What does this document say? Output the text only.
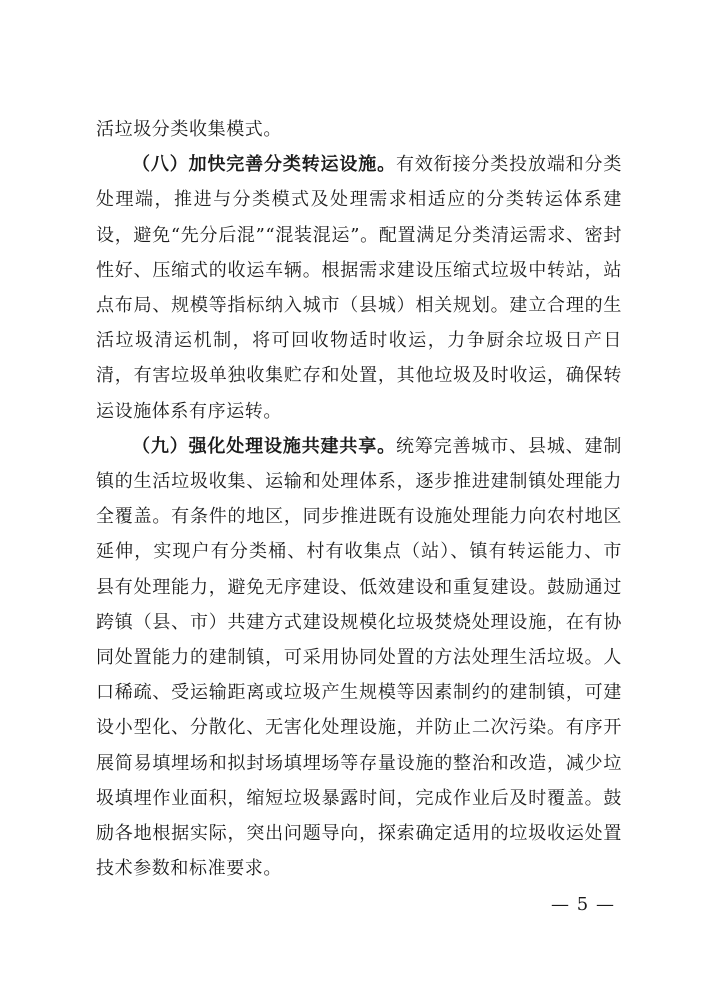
活垃圾分类收集模式。

（八）加快完善分类转运设施。有效衔接分类投放端和分类处理端，推进与分类模式及处理需求相适应的分类转运体系建设，避免“先分后混”“混装混运”。配置满足分类清运需求、密封性好、压缩式的收运车辆。根据需求建设压缩式垃圾中转站，站点布局、规模等指标纳入城市（县城）相关规划。建立合理的生活垃圾清运机制，将可回收物适时收运，力争厨余垃圾日产日清，有害垃圾单独收集贮存和处置，其他垃圾及时收运，确保转运设施体系有序运转。

（九）强化处理设施共建共享。统筹完善城市、县城、建制镇的生活垃圾收集、运输和处理体系，逐步推进建制镇处理能力全覆盖。有条件的地区，同步推进既有设施处理能力向农村地区延伸，实现户有分类桶、村有收集点（站）、镇有转运能力、市县有处理能力，避免无序建设、低效建设和重复建设。鼓励通过跨镇（县、市）共建方式建设规模化垃圾焚烧处理设施，在有协同处置能力的建制镇，可采用协同处置的方法处理生活垃圾。人口稀疏、受运输距离或垃圾产生规模等因素制约的建制镇，可建设小型化、分散化、无害化处理设施，并防止二次污染。有序开展简易填埋场和拟封场填埋场等存量设施的整治和改造，减少垃圾填埋作业面积，缩短垃圾暴露时间，完成作业后及时覆盖。鼓励各地根据实际，突出问题导向，探索确定适用的垃圾收运处置技术参数和标准要求。

— 5 —
